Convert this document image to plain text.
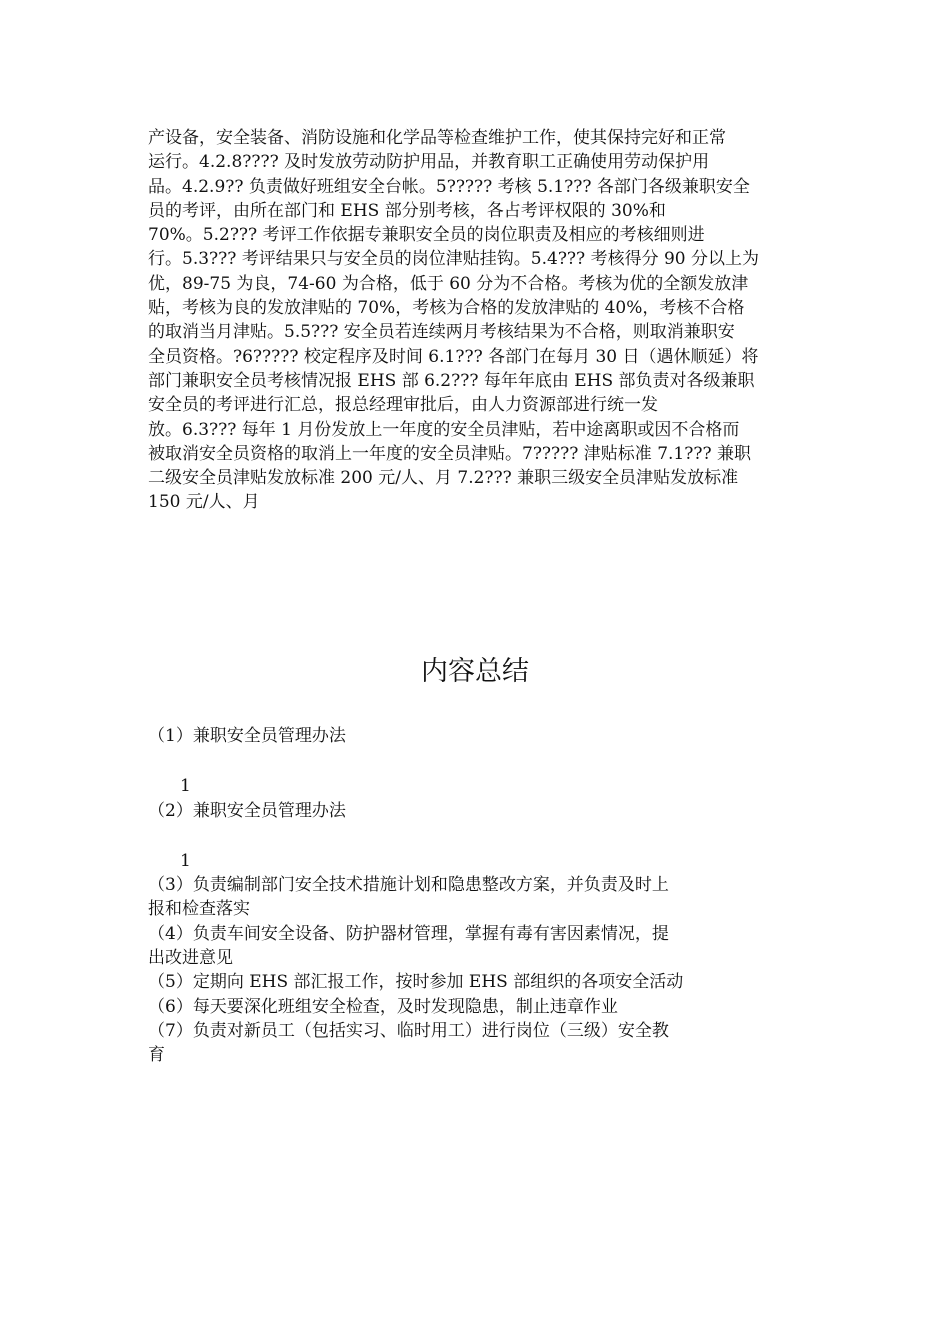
产设备，安全装备、消防设施和化学品等检查维护工作，使其保持完好和正常
运行。4.2.8???? 及时发放劳动防护用品，并教育职工正确使用劳动保护用
品。4.2.9?? 负责做好班组安全台帐。5????? 考核 5.1??? 各部门各级兼职安全
员的考评，由所在部门和 EHS 部分别考核，各占考评权限的 30%和
70%。5.2??? 考评工作依据专兼职安全员的岗位职责及相应的考核细则进
行。5.3??? 考评结果只与安全员的岗位津贴挂钩。5.4??? 考核得分 90 分以上为
优，89-75 为良，74-60 为合格，低于 60 分为不合格。考核为优的全额发放津
贴，考核为良的发放津贴的 70%，考核为合格的发放津贴的 40%，考核不合格
的取消当月津贴。5.5??? 安全员若连续两月考核结果为不合格，则取消兼职安
全员资格。?6????? 校定程序及时间 6.1??? 各部门在每月 30 日（遇休顺延）将
部门兼职安全员考核情况报 EHS 部 6.2??? 每年年底由 EHS 部负责对各级兼职
安全员的考评进行汇总，报总经理审批后，由人力资源部进行统一发
放。6.3??? 每年 1 月份发放上一年度的安全员津贴，若中途离职或因不合格而
被取消安全员资格的取消上一年度的安全员津贴。7????? 津贴标准 7.1??? 兼职
二级安全员津贴发放标准 200 元/人、月 7.2??? 兼职三级安全员津贴发放标准
150 元/人、月
内容总结
（1）兼职安全员管理办法
1
（2）兼职安全员管理办法
1
（3）负责编制部门安全技术措施计划和隐患整改方案，并负责及时上
报和检查落实
（4）负责车间安全设备、防护器材管理，掌握有毒有害因素情况，提
出改进意见
（5）定期向 EHS 部汇报工作，按时参加 EHS 部组织的各项安全活动
（6）每天要深化班组安全检查，及时发现隐患，制止违章作业
（7）负责对新员工（包括实习、临时用工）进行岗位（三级）安全教
育
